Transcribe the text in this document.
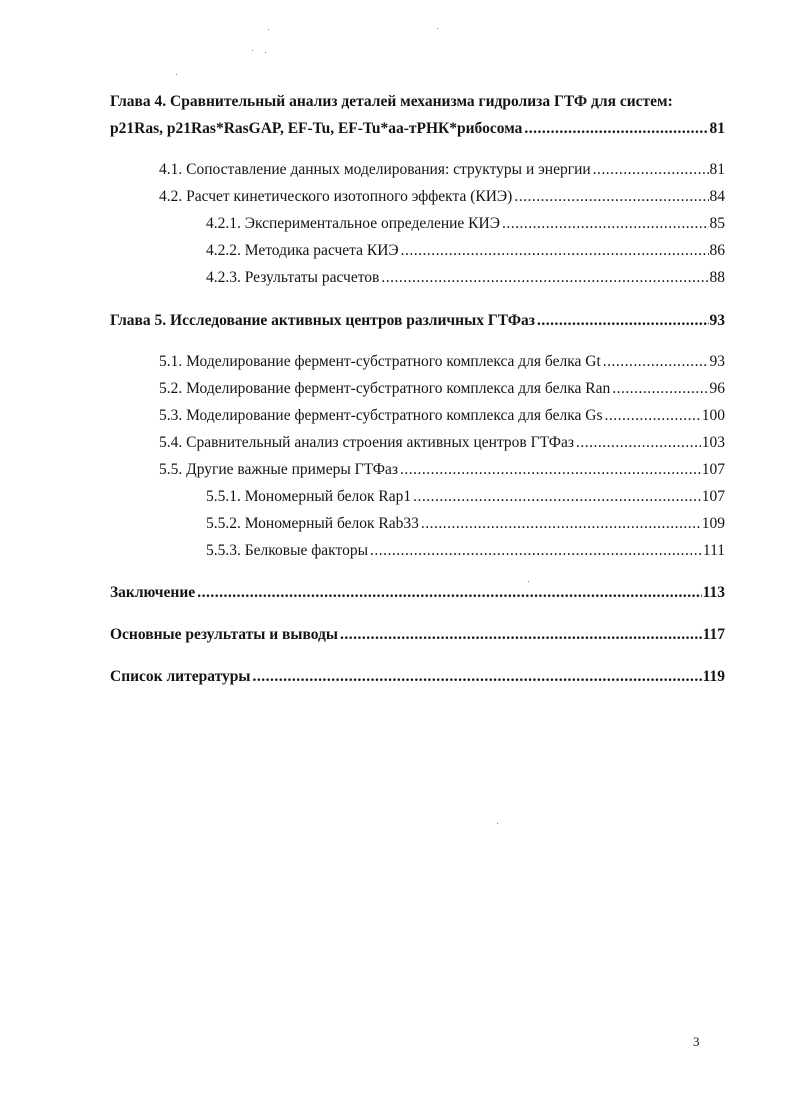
Глава 4. Сравнительный анализ деталей механизма гидролиза ГТФ для систем:
p21Ras, p21Ras*RasGAP, EF-Tu, EF-Tu*аа-тРНК*рибосома .....	81
4.1. Сопоставление данных моделирования: структуры и энергии .....	81
4.2. Расчет кинетического изотопного эффекта (КИЭ) .....	84
4.2.1. Экспериментальное определение КИЭ .....	85
4.2.2. Методика расчета КИЭ .....	86
4.2.3. Результаты расчетов .....	88
Глава 5. Исследование активных центров различных ГТФаз .....	93
5.1. Моделирование фермент-субстратного комплекса для белка Gt .....	93
5.2. Моделирование фермент-субстратного комплекса для белка Ran .....	96
5.3. Моделирование фермент-субстратного комплекса для белка Gs .....	100
5.4. Сравнительный анализ строения активных центров ГТФаз .....	103
5.5. Другие важные примеры ГТФаз .....	107
5.5.1. Мономерный белок Rap1 .....	107
5.5.2. Мономерный белок Rab33 .....	109
5.5.3. Белковые факторы .....	111
Заключение .....	113
Основные результаты и выводы .....	117
Список литературы .....	119
3
